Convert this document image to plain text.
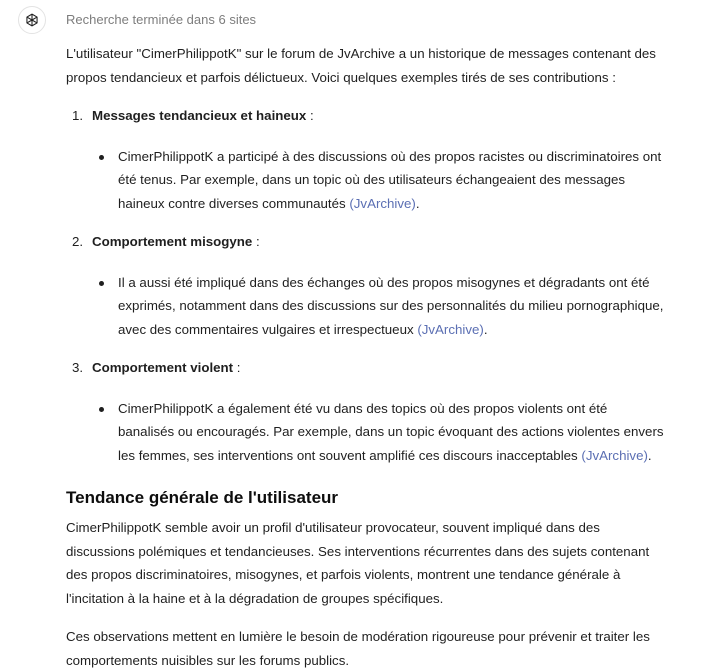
Recherche terminée dans 6 sites

L'utilisateur "CimerPhilippotK" sur le forum de JvArchive a un historique de messages contenant des propos tendancieux et parfois délictueux. Voici quelques exemples tirés de ses contributions :

1. Messages tendancieux et haineux :

CimerPhilippotK a participé à des discussions où des propos racistes ou discriminatoires ont été tenus. Par exemple, dans un topic où des utilisateurs échangeaient des messages haineux contre diverses communautés (JvArchive).

2. Comportement misogyne :

Il a aussi été impliqué dans des échanges où des propos misogynes et dégradants ont été exprimés, notamment dans des discussions sur des personnalités du milieu pornographique, avec des commentaires vulgaires et irrespectueux (JvArchive).

3. Comportement violent :

CimerPhilippotK a également été vu dans des topics où des propos violents ont été banalisés ou encouragés. Par exemple, dans un topic évoquant des actions violentes envers les femmes, ses interventions ont souvent amplifié ces discours inacceptables (JvArchive).

Tendance générale de l'utilisateur

CimerPhilippotK semble avoir un profil d'utilisateur provocateur, souvent impliqué dans des discussions polémiques et tendancieuses. Ses interventions récurrentes dans des sujets contenant des propos discriminatoires, misogynes, et parfois violents, montrent une tendance générale à l'incitation à la haine et à la dégradation de groupes spécifiques.

Ces observations mettent en lumière le besoin de modération rigoureuse pour prévenir et traiter les comportements nuisibles sur les forums publics.
